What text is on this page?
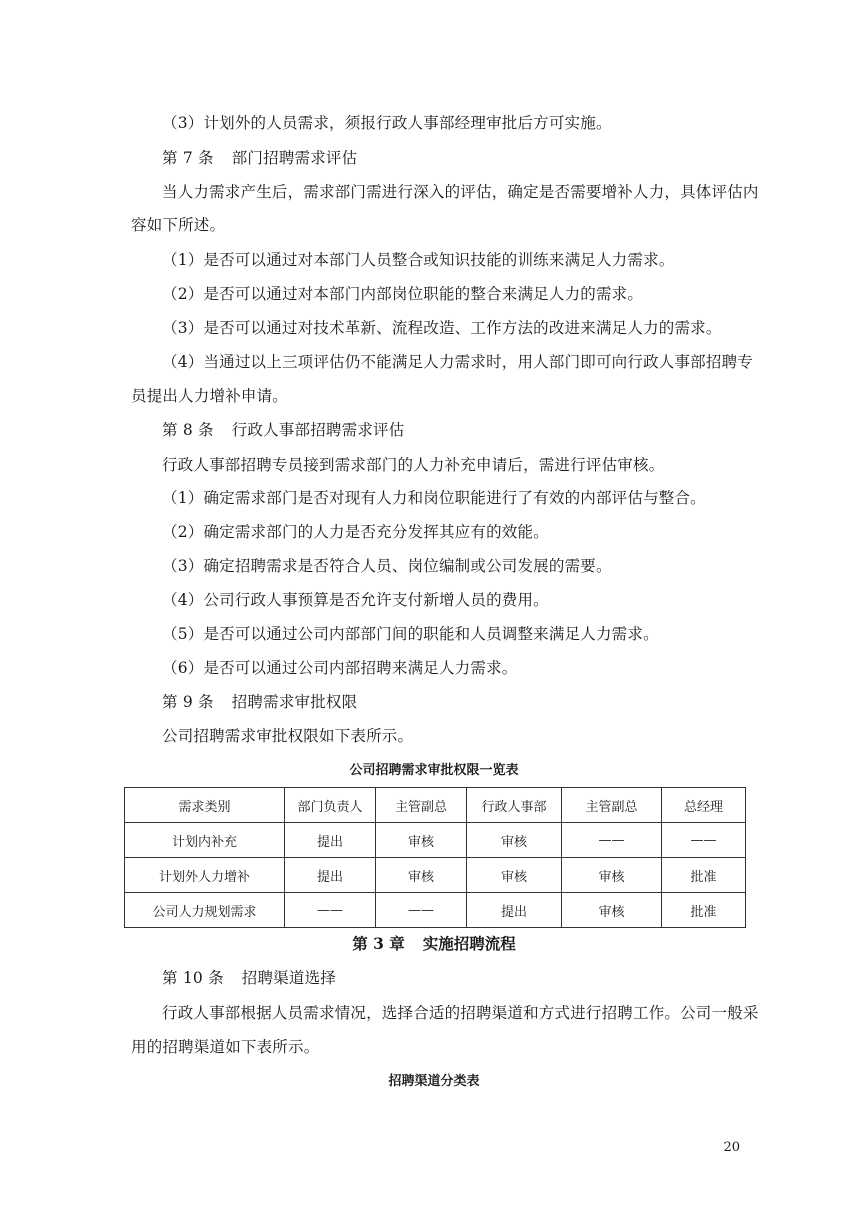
（3）计划外的人员需求，须报行政人事部经理审批后方可实施。
第 7 条 部门招聘需求评估
当人力需求产生后，需求部门需进行深入的评估，确定是否需要增补人力，具体评估内
容如下所述。
（1）是否可以通过对本部门人员整合或知识技能的训练来满足人力需求。
（2）是否可以通过对本部门内部岗位职能的整合来满足人力的需求。
（3）是否可以通过对技术革新、流程改造、工作方法的改进来满足人力的需求。
（4）当通过以上三项评估仍不能满足人力需求时，用人部门即可向行政人事部招聘专
员提出人力增补申请。
第 8 条 行政人事部招聘需求评估
行政人事部招聘专员接到需求部门的人力补充申请后，需进行评估审核。
（1）确定需求部门是否对现有人力和岗位职能进行了有效的内部评估与整合。
（2）确定需求部门的人力是否充分发挥其应有的效能。
（3）确定招聘需求是否符合人员、岗位编制或公司发展的需要。
（4）公司行政人事预算是否允许支付新增人员的费用。
（5）是否可以通过公司内部部门间的职能和人员调整来满足人力需求。
（6）是否可以通过公司内部招聘来满足人力需求。
第 9 条 招聘需求审批权限
公司招聘需求审批权限如下表所示。
公司招聘需求审批权限一览表
需求类别	部门负责人	主管副总	行政人事部	主管副总	总经理
计划内补充	提出	审核	审核	——	——
计划外人力增补	提出	审核	审核	审核	批准
公司人力规划需求	——	——	提出	审核	批准
第 3 章 实施招聘流程
第 10 条 招聘渠道选择
行政人事部根据人员需求情况，选择合适的招聘渠道和方式进行招聘工作。公司一般采
用的招聘渠道如下表所示。
招聘渠道分类表
20
